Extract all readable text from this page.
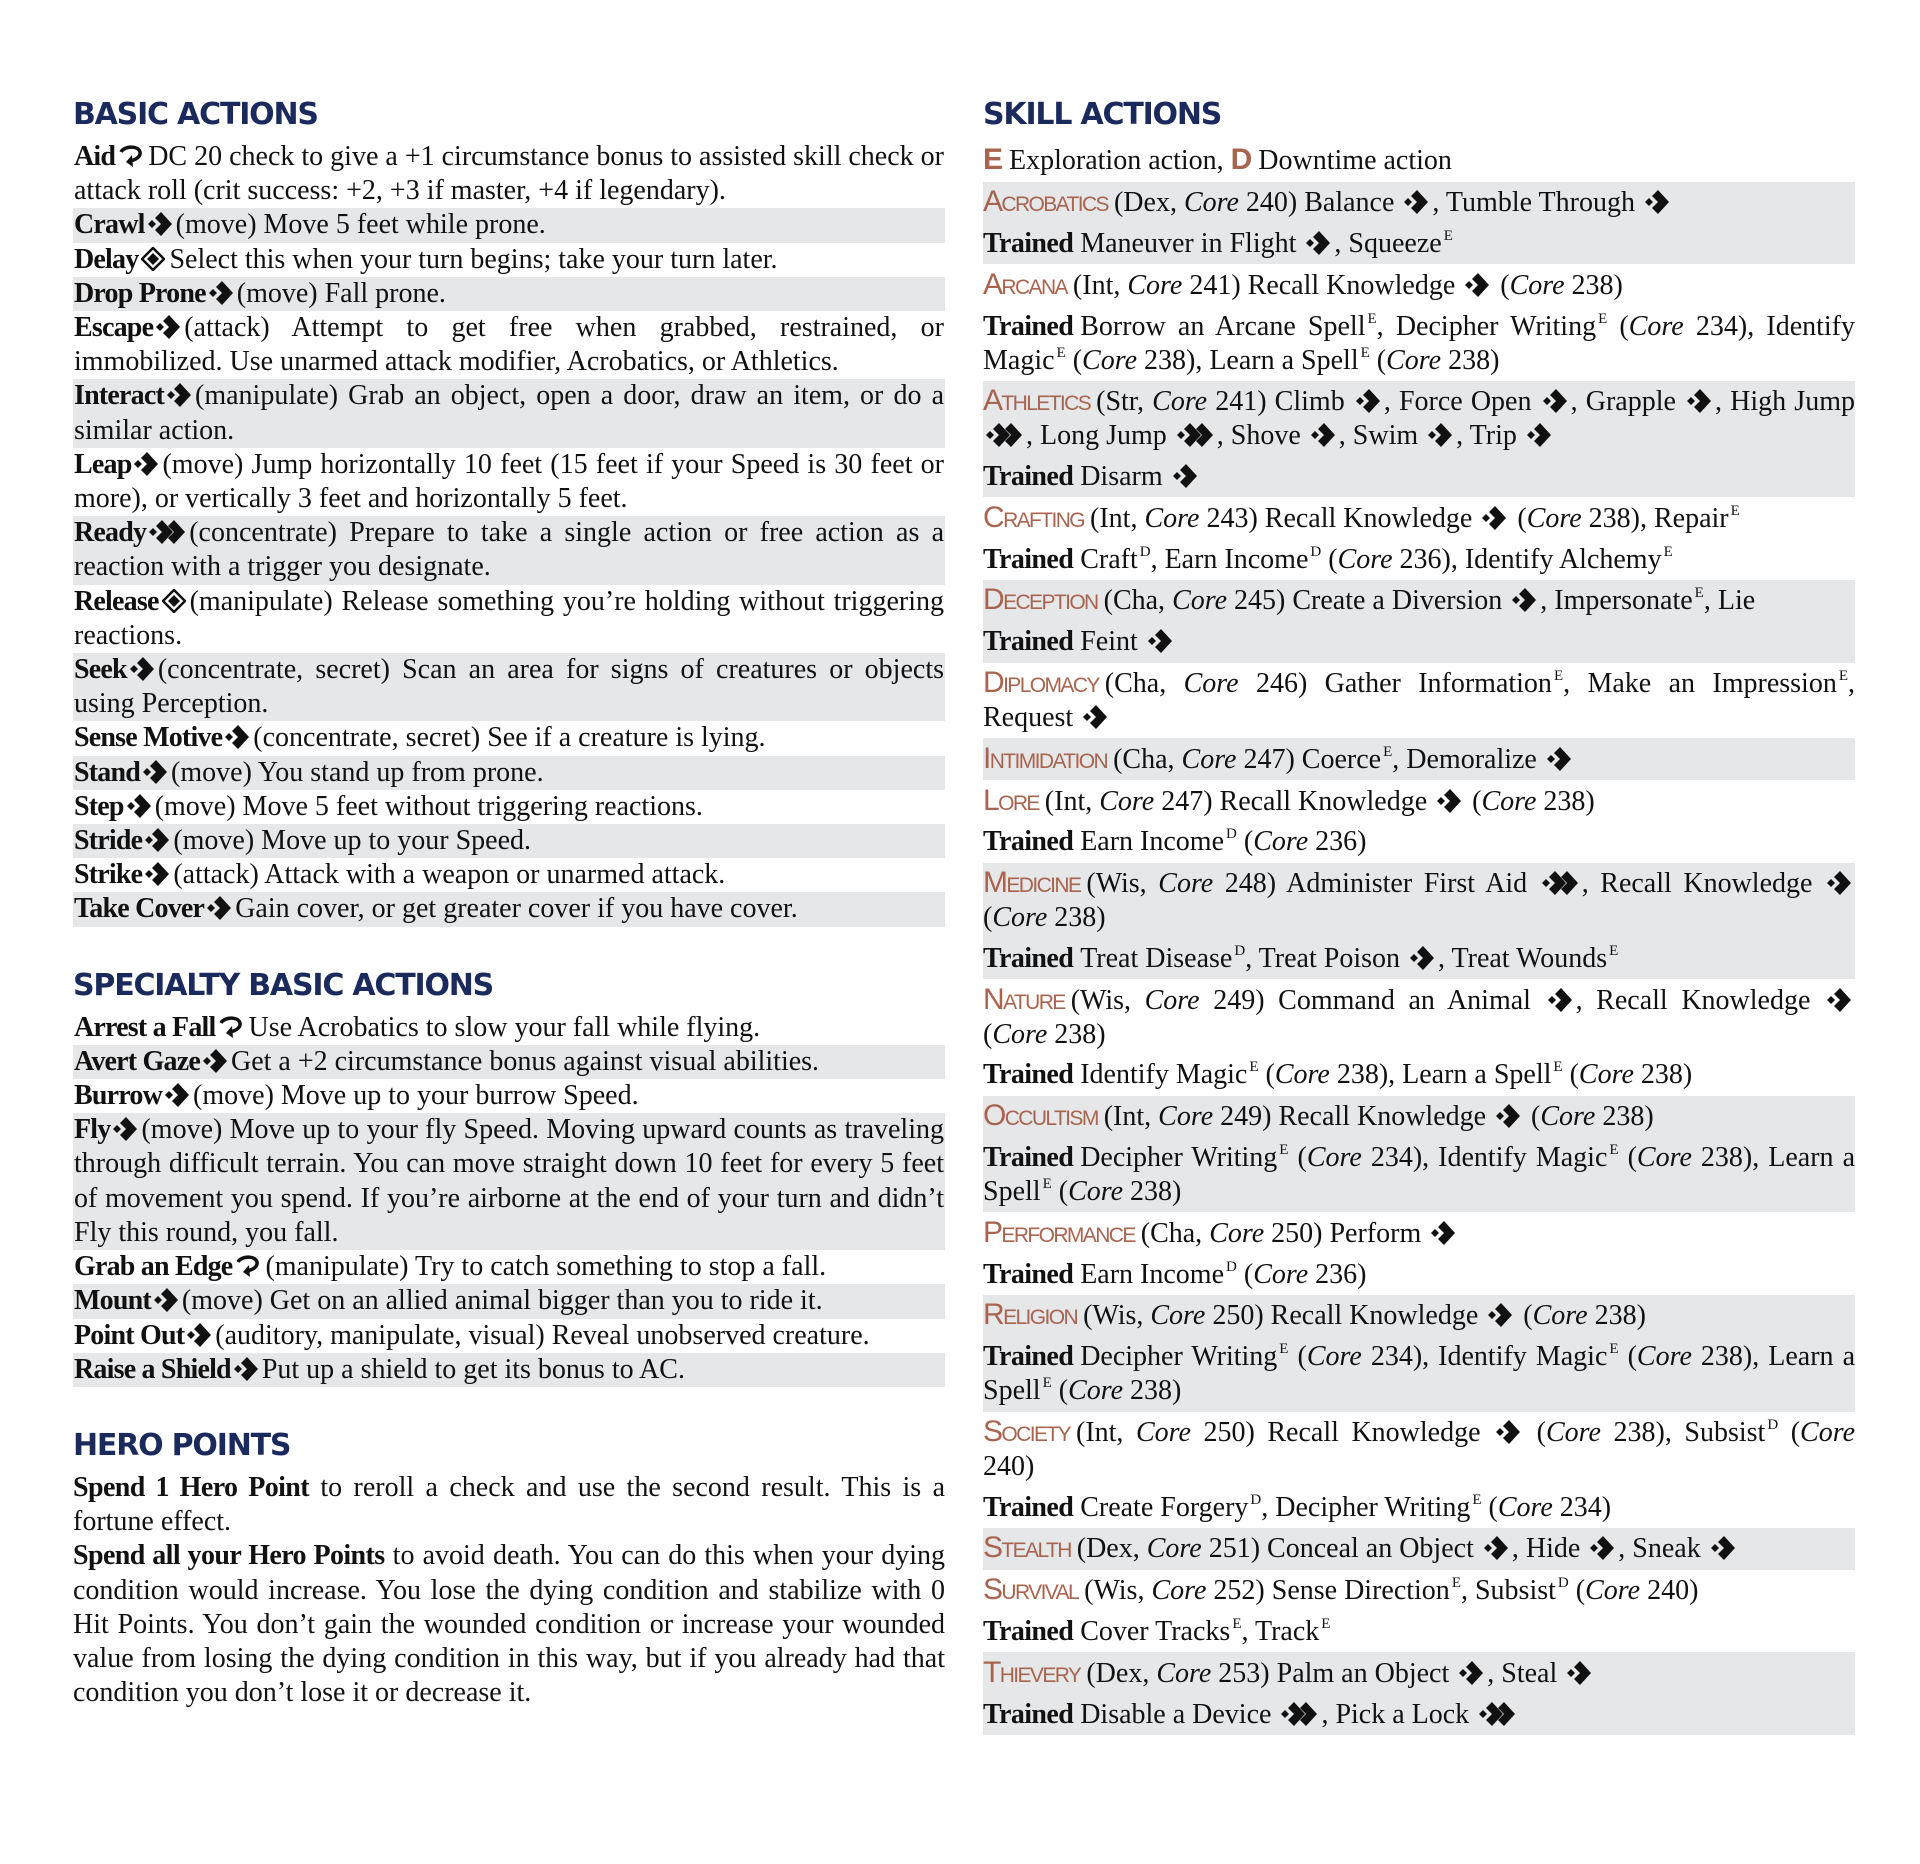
BASIC ACTIONS
Aid DC 20 check to give a +1 circumstance bonus to assisted skill check or attack roll (crit success: +2, +3 if master, +4 if legendary).
Crawl (move) Move 5 feet while prone.
Delay Select this when your turn begins; take your turn later.
Drop Prone (move) Fall prone.
Escape (attack) Attempt to get free when grabbed, restrained, or immobilized. Use unarmed attack modifier, Acrobatics, or Athletics.
Interact (manipulate) Grab an object, open a door, draw an item, or do a similar action.
Leap (move) Jump horizontally 10 feet (15 feet if your Speed is 30 feet or more), or vertically 3 feet and horizontally 5 feet.
Ready (concentrate) Prepare to take a single action or free action as a reaction with a trigger you designate.
Release (manipulate) Release something you’re holding without triggering reactions.
Seek (concentrate, secret) Scan an area for signs of creatures or objects using Perception.
Sense Motive (concentrate, secret) See if a creature is lying.
Stand (move) You stand up from prone.
Step (move) Move 5 feet without triggering reactions.
Stride (move) Move up to your Speed.
Strike (attack) Attack with a weapon or unarmed attack.
Take Cover Gain cover, or get greater cover if you have cover.
SPECIALTY BASIC ACTIONS
Arrest a Fall Use Acrobatics to slow your fall while flying.
Avert Gaze Get a +2 circumstance bonus against visual abilities.
Burrow (move) Move up to your burrow Speed.
Fly (move) Move up to your fly Speed. Moving upward counts as traveling through difficult terrain. You can move straight down 10 feet for every 5 feet of movement you spend. If you’re airborne at the end of your turn and didn’t Fly this round, you fall.
Grab an Edge (manipulate) Try to catch something to stop a fall.
Mount (move) Get on an allied animal bigger than you to ride it.
Point Out (auditory, manipulate, visual) Reveal unobserved creature.
Raise a Shield Put up a shield to get its bonus to AC.
HERO POINTS

Spend 1 Hero Point to reroll a check and use the second result. This is a fortune effect.

Spend all your Hero Points to avoid death. You can do this when your dying condition would increase. You lose the dying condition and stabilize with 0 Hit Points. You don’t gain the wounded condition or increase your wounded value from losing the dying condition in this way, but if you already had that condition you don’t lose it or decrease it.

SKILL ACTIONS

E Exploration action, D Downtime action

Acrobatics (Dex, Core 240) Balance
, Tumble Through

Trained Maneuver in Flight
, Squeeze $^E$

Arcana (Int, Core 241) Recall Knowledge
(Core 238)

Trained Borrow an Arcane Spell $^E$, Decipher Writing $^E$ (Core 234), Identify Magic $^E$ (Core 238), Learn a Spell $^E$ (Core 238)

Athletics (Str, Core 241) Climb
, Force Open
, Grapple
, High Jump
, Long Jump
, Shove
, Swim
, Trip

Trained Disarm

Crafting (Int, Core 243) Recall Knowledge
(Core 238), Repair $^E$

Trained Craft $^D$, Earn Income $^D$ (Core 236), Identify Alchemy $^E$

Deception (Cha, Core 245) Create a Diversion
, Impersonate $^E$, Lie

Trained Feint

Diplomacy (Cha, Core 246) Gather Information $^E$, Make an Impression $^E$, Request

Intimidation (Cha, Core 247) Coerce $^E$, Demoralize

Lore (Int, Core 247) Recall Knowledge
(Core 238)

Trained Earn Income $^D$ (Core 236)

Medicine (Wis, Core 248) Administer First Aid
, Recall Knowledge
(Core 238)

Trained Treat Disease $^D$, Treat Poison
, Treat Wounds $^E$

Nature (Wis, Core 249) Command an Animal
, Recall Knowledge
(Core 238)

Trained Identify Magic $^E$ (Core 238), Learn a Spell $^E$ (Core 238)

Occultism (Int, Core 249) Recall Knowledge
(Core 238)

Trained Decipher Writing $^E$ (Core 234), Identify Magic $^E$ (Core 238), Learn a Spell $^E$ (Core 238)

Performance (Cha, Core 250) Perform

Trained Earn Income $^D$ (Core 236)

Religion (Wis, Core 250) Recall Knowledge
(Core 238)

Trained Decipher Writing $^E$ (Core 234), Identify Magic $^E$ (Core 238), Learn a Spell $^E$ (Core 238)

Society (Int, Core 250) Recall Knowledge
(Core 238), Subsist $^D$ (Core 240)

Trained Create Forgery $^D$, Decipher Writing $^E$ (Core 234)

Stealth (Dex, Core 251) Conceal an Object
, Hide
, Sneak

Survival (Wis, Core 252) Sense Direction $^E$, Subsist $^D$ (Core 240)

Trained Cover Tracks $^E$, Track $^E$

Thievery (Dex, Core 253) Palm an Object
, Steal

Trained Disable a Device
, Pick a Lock
